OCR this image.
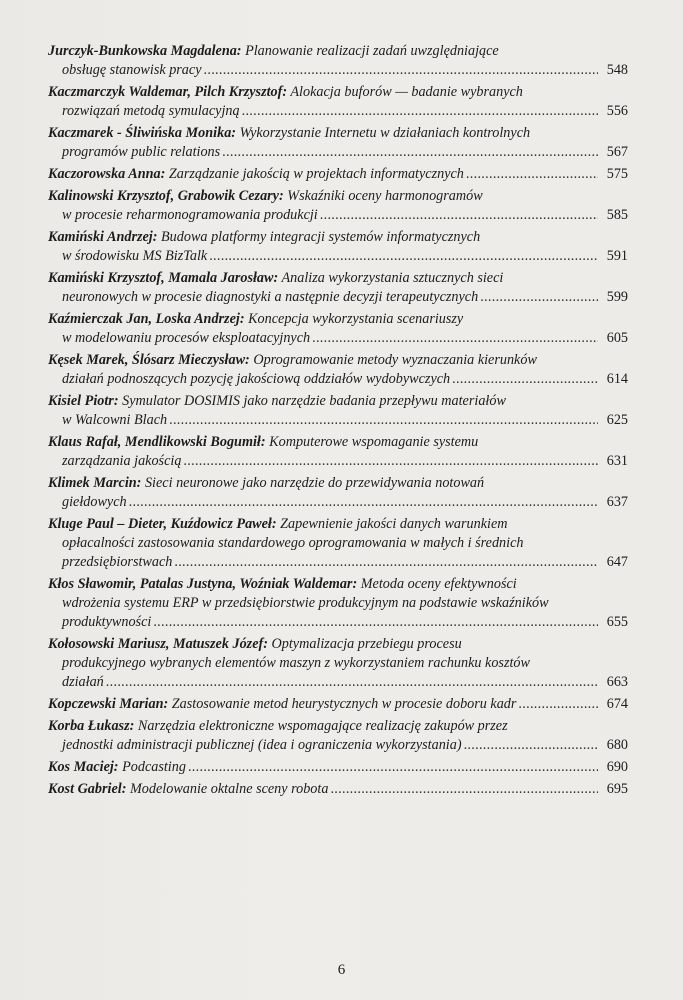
Jurczyk-Bunkowska Magdalena: Planowanie realizacji zadań uwzględniające
obsługę stanowisk pracy .....	548
Kaczmarczyk Waldemar, Pilch Krzysztof: Alokacja buforów — badanie wybranych
rozwiązań metodą symulacyjną .....	556
Kaczmarek - Śliwińska Monika: Wykorzystanie Internetu w działaniach kontrolnych
programów public relations .....	567
Kaczorowska Anna: Zarządzanie jakością w projektach informatycznych .....	575
Kalinowski Krzysztof, Grabowik Cezary: Wskaźniki oceny harmonogramów
w procesie reharmonogramowania produkcji .....	585
Kamiński Andrzej: Budowa platformy integracji systemów informatycznych
w środowisku MS BizTalk .....	591
Kamiński Krzysztof, Mamala Jarosław: Analiza wykorzystania sztucznych sieci
neuronowych w procesie diagnostyki a następnie decyzji terapeutycznych .....	599
Kaźmierczak Jan, Loska Andrzej: Koncepcja wykorzystania scenariuszy
w modelowaniu procesów eksploatacyjnych .....	605
Kęsek Marek, Ślósarz Mieczysław: Oprogramowanie metody wyznaczania kierunków
działań podnoszących pozycję jakościową oddziałów wydobywczych .....	614
Kisiel Piotr: Symulator DOSIMIS jako narzędzie badania przepływu materiałów
w Walcowni Blach .....	625
Klaus Rafał, Mendlikowski Bogumił: Komputerowe wspomaganie systemu
zarządzania jakością .....	631
Klimek Marcin: Sieci neuronowe jako narzędzie do przewidywania notowań
giełdowych .....	637
Kluge Paul – Dieter, Kuźdowicz Paweł: Zapewnienie jakości danych warunkiem
opłacalności zastosowania standardowego oprogramowania w małych i średnich
przedsiębiorstwach .....	647
Kłos Sławomir, Patalas Justyna, Woźniak Waldemar: Metoda oceny efektywności
wdrożenia systemu ERP w przedsiębiorstwie produkcyjnym na podstawie wskaźników
produktywności .....	655
Kołosowski Mariusz, Matuszek Józef: Optymalizacja przebiegu procesu
produkcyjnego wybranych elementów maszyn z wykorzystaniem rachunku kosztów
działań .....	663
Kopczewski Marian: Zastosowanie metod heurystycznych w procesie doboru kadr .....	674
Korba Łukasz: Narzędzia elektroniczne wspomagające realizację zakupów przez
jednostki administracji publicznej (idea i ograniczenia wykorzystania) .....	680
Kos Maciej: Podcasting .....	690
Kost Gabriel: Modelowanie oktalne sceny robota .....	695
6
